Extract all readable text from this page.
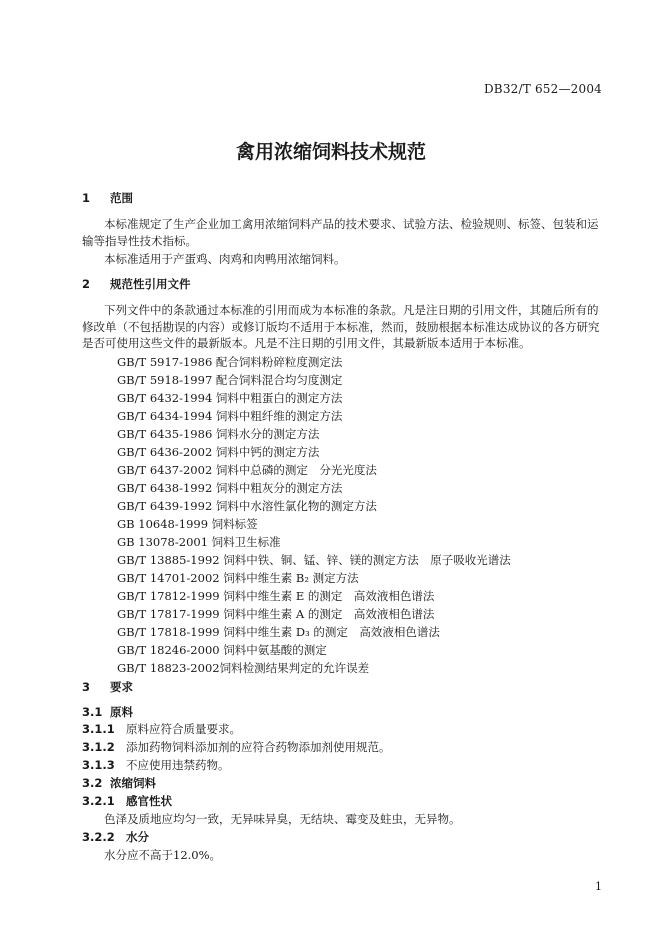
DB32/T 652—2004
禽用浓缩饲料技术规范
1 范围
本标准规定了生产企业加工禽用浓缩饲料产品的技术要求、试验方法、检验规则、标签、包装和运
输等指导性技术指标。
本标准适用于产蛋鸡、肉鸡和肉鸭用浓缩饲料。
2 规范性引用文件
下列文件中的条款通过本标准的引用而成为本标准的条款。凡是注日期的引用文件，其随后所有的
修改单（不包括勘误的内容）或修订版均不适用于本标准，然而，鼓励根据本标准达成协议的各方研究
是否可使用这些文件的最新版本。凡是不注日期的引用文件，其最新版本适用于本标准。
GB/T 5917-1986 配合饲料粉碎粒度测定法
GB/T 5918-1997 配合饲料混合均匀度测定
GB/T 6432-1994 饲料中粗蛋白的测定方法
GB/T 6434-1994 饲料中粗纤维的测定方法
GB/T 6435-1986 饲料水分的测定方法
GB/T 6436-2002 饲料中钙的测定方法
GB/T 6437-2002 饲料中总磷的测定　分光光度法
GB/T 6438-1992 饲料中粗灰分的测定方法
GB/T 6439-1992 饲料中水溶性氯化物的测定方法
GB 10648-1999 饲料标签
GB 13078-2001 饲料卫生标准
GB/T 13885-1992 饲料中铁、铜、锰、锌、镁的测定方法　原子吸收光谱法
GB/T 14701-2002 饲料中维生素 B₂ 测定方法
GB/T 17812-1999 饲料中维生素 E 的测定　高效液相色谱法
GB/T 17817-1999 饲料中维生素 A 的测定　高效液相色谱法
GB/T 17818-1999 饲料中维生素 D₃ 的测定　高效液相色谱法
GB/T 18246-2000 饲料中氨基酸的测定
GB/T 18823-2002饲料检测结果判定的允许误差
3 要求
3.1 原料
3.1.1 原料应符合质量要求。
3.1.2 添加药物饲料添加剂的应符合药物添加剂使用规范。
3.1.3 不应使用违禁药物。
3.2 浓缩饲料
3.2.1 感官性状
色泽及质地应均匀一致，无异味异臭，无结块、霉变及蛀虫，无异物。
3.2.2 水分
水分应不高于12.0%。
1
